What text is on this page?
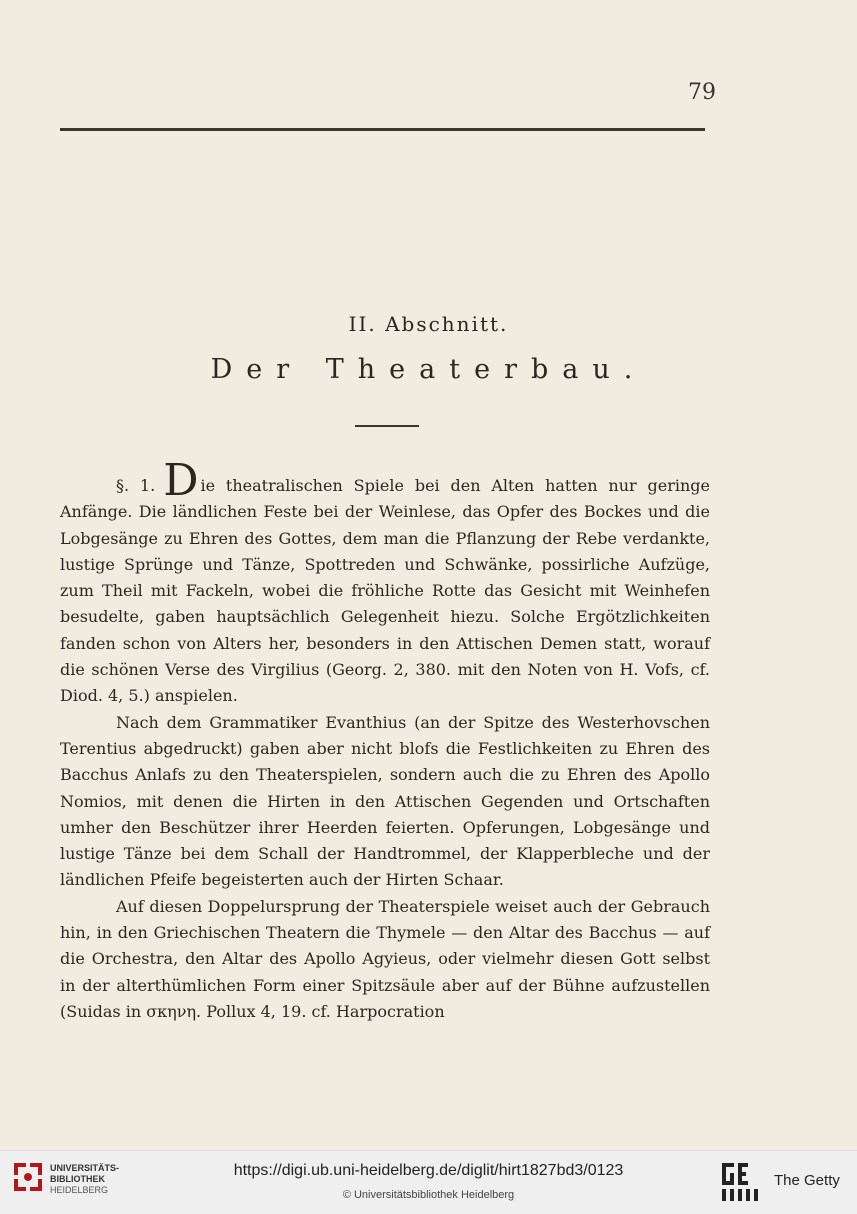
79
II. Abschnitt.
Der Theaterbau.

§. 1. D ie theatralischen Spiele bei den Alten hatten nur geringe Anfänge. Die ländlichen Feste bei der Weinlese, das Opfer des Bockes und die Lobgesänge zu Ehren des Gottes, dem man die Pflanzung der Rebe verdankte, lustige Sprünge und Tänze, Spottreden und Schwänke, possirliche Aufzüge, zum Theil mit Fackeln, wobei die fröhliche Rotte das Gesicht mit Weinhefen besudelte, gaben hauptsächlich Gelegenheit hiezu. Solche Ergötzlichkeiten fanden schon von Alters her, besonders in den Attischen Demen statt, worauf die schönen Verse des Virgilius (Georg. 2, 380. mit den Noten von H. Vofs, cf. Diod. 4, 5.) anspielen.

Nach dem Grammatiker Evanthius (an der Spitze des Westerhovschen Terentius abgedruckt) gaben aber nicht blofs die Festlichkeiten zu Ehren des Bacchus Anlafs zu den Theaterspielen, sondern auch die zu Ehren des Apollo Nomios, mit denen die Hirten in den Attischen Gegenden und Ortschaften umher den Beschützer ihrer Heerden feierten. Opferungen, Lobgesänge und lustige Tänze bei dem Schall der Handtrommel, der Klapperbleche und der ländlichen Pfeife begeisterten auch der Hirten Schaar.

Auf diesen Doppelursprung der Theaterspiele weiset auch der Gebrauch hin, in den Griechischen Theatern die Thymele — den Altar des Bacchus — auf die Orchestra, den Altar des Apollo Agyieus, oder vielmehr diesen Gott selbst in der alterthümlichen Form einer Spitzsäule aber auf der Bühne aufzustellen (Suidas in σκηνη. Pollux 4, 19. cf. Harpocration

UNIVERSITÄTS-
BIBLIOTHEK
HEIDELBERG
https://digi.ub.uni-heidelberg.de/diglit/hirt1827bd3/0123
© Universitätsbibliothek Heidelberg
The Getty
